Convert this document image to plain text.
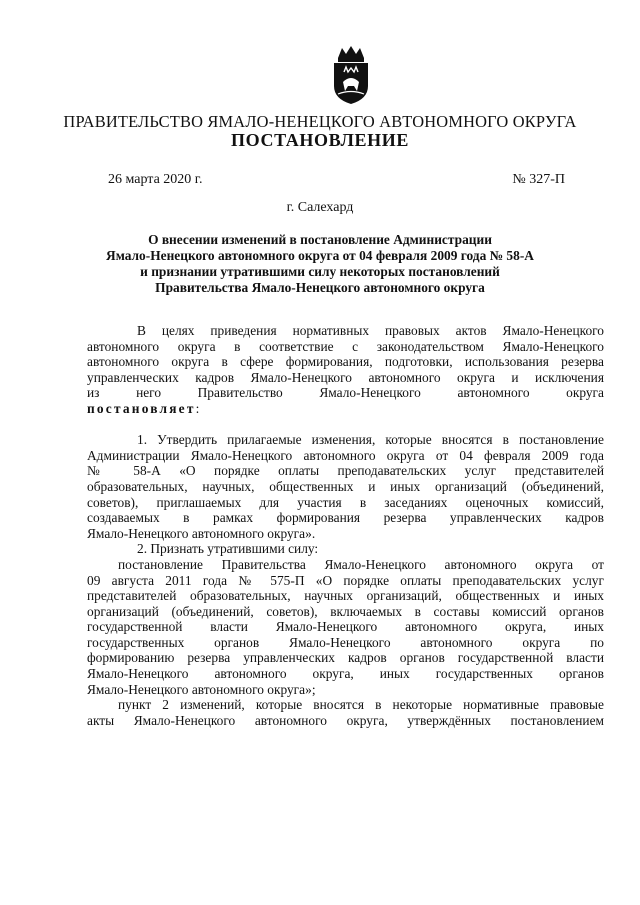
ПРАВИТЕЛЬСТВО ЯМАЛО-НЕНЕЦКОГО АВТОНОМНОГО ОКРУГА
ПОСТАНОВЛЕНИЕ
26 марта 2020 г.	№ 327-П
г. Салехард
О внесении изменений в постановление Администрации
Ямало-Ненецкого автономного округа от 04 февраля 2009 года № 58-А
и признании утратившими силу некоторых постановлений
Правительства Ямало-Ненецкого автономного округа
В целях приведения нормативных правовых актов Ямало-Ненецкого
автономного округа в соответствие с законодательством Ямало-Ненецкого
автономного округа в сфере формирования, подготовки, использования резерва
управленческих кадров Ямало-Ненецкого автономного округа и исключения
из него Правительство Ямало-Ненецкого автономного округа
постановляет:
1. Утвердить прилагаемые изменения, которые вносятся в постановление
Администрации Ямало-Ненецкого автономного округа от 04 февраля 2009 года
№ 58-А «О порядке оплаты преподавательских услуг представителей
образовательных, научных, общественных и иных организаций (объединений,
советов), приглашаемых для участия в заседаниях оценочных комиссий,
создаваемых в рамках формирования резерва управленческих кадров
Ямало-Ненецкого автономного округа».
2. Признать утратившими силу:
постановление Правительства Ямало-Ненецкого автономного округа от
09 августа 2011 года № 575-П «О порядке оплаты преподавательских услуг
представителей образовательных, научных организаций, общественных и иных
организаций (объединений, советов), включаемых в составы комиссий органов
государственной власти Ямало-Ненецкого автономного округа, иных
государственных органов Ямало-Ненецкого автономного округа по
формированию резерва управленческих кадров органов государственной власти
Ямало-Ненецкого автономного округа, иных государственных органов
Ямало-Ненецкого автономного округа»;
пункт 2 изменений, которые вносятся в некоторые нормативные правовые
акты Ямало-Ненецкого автономного округа, утверждённых постановлением
